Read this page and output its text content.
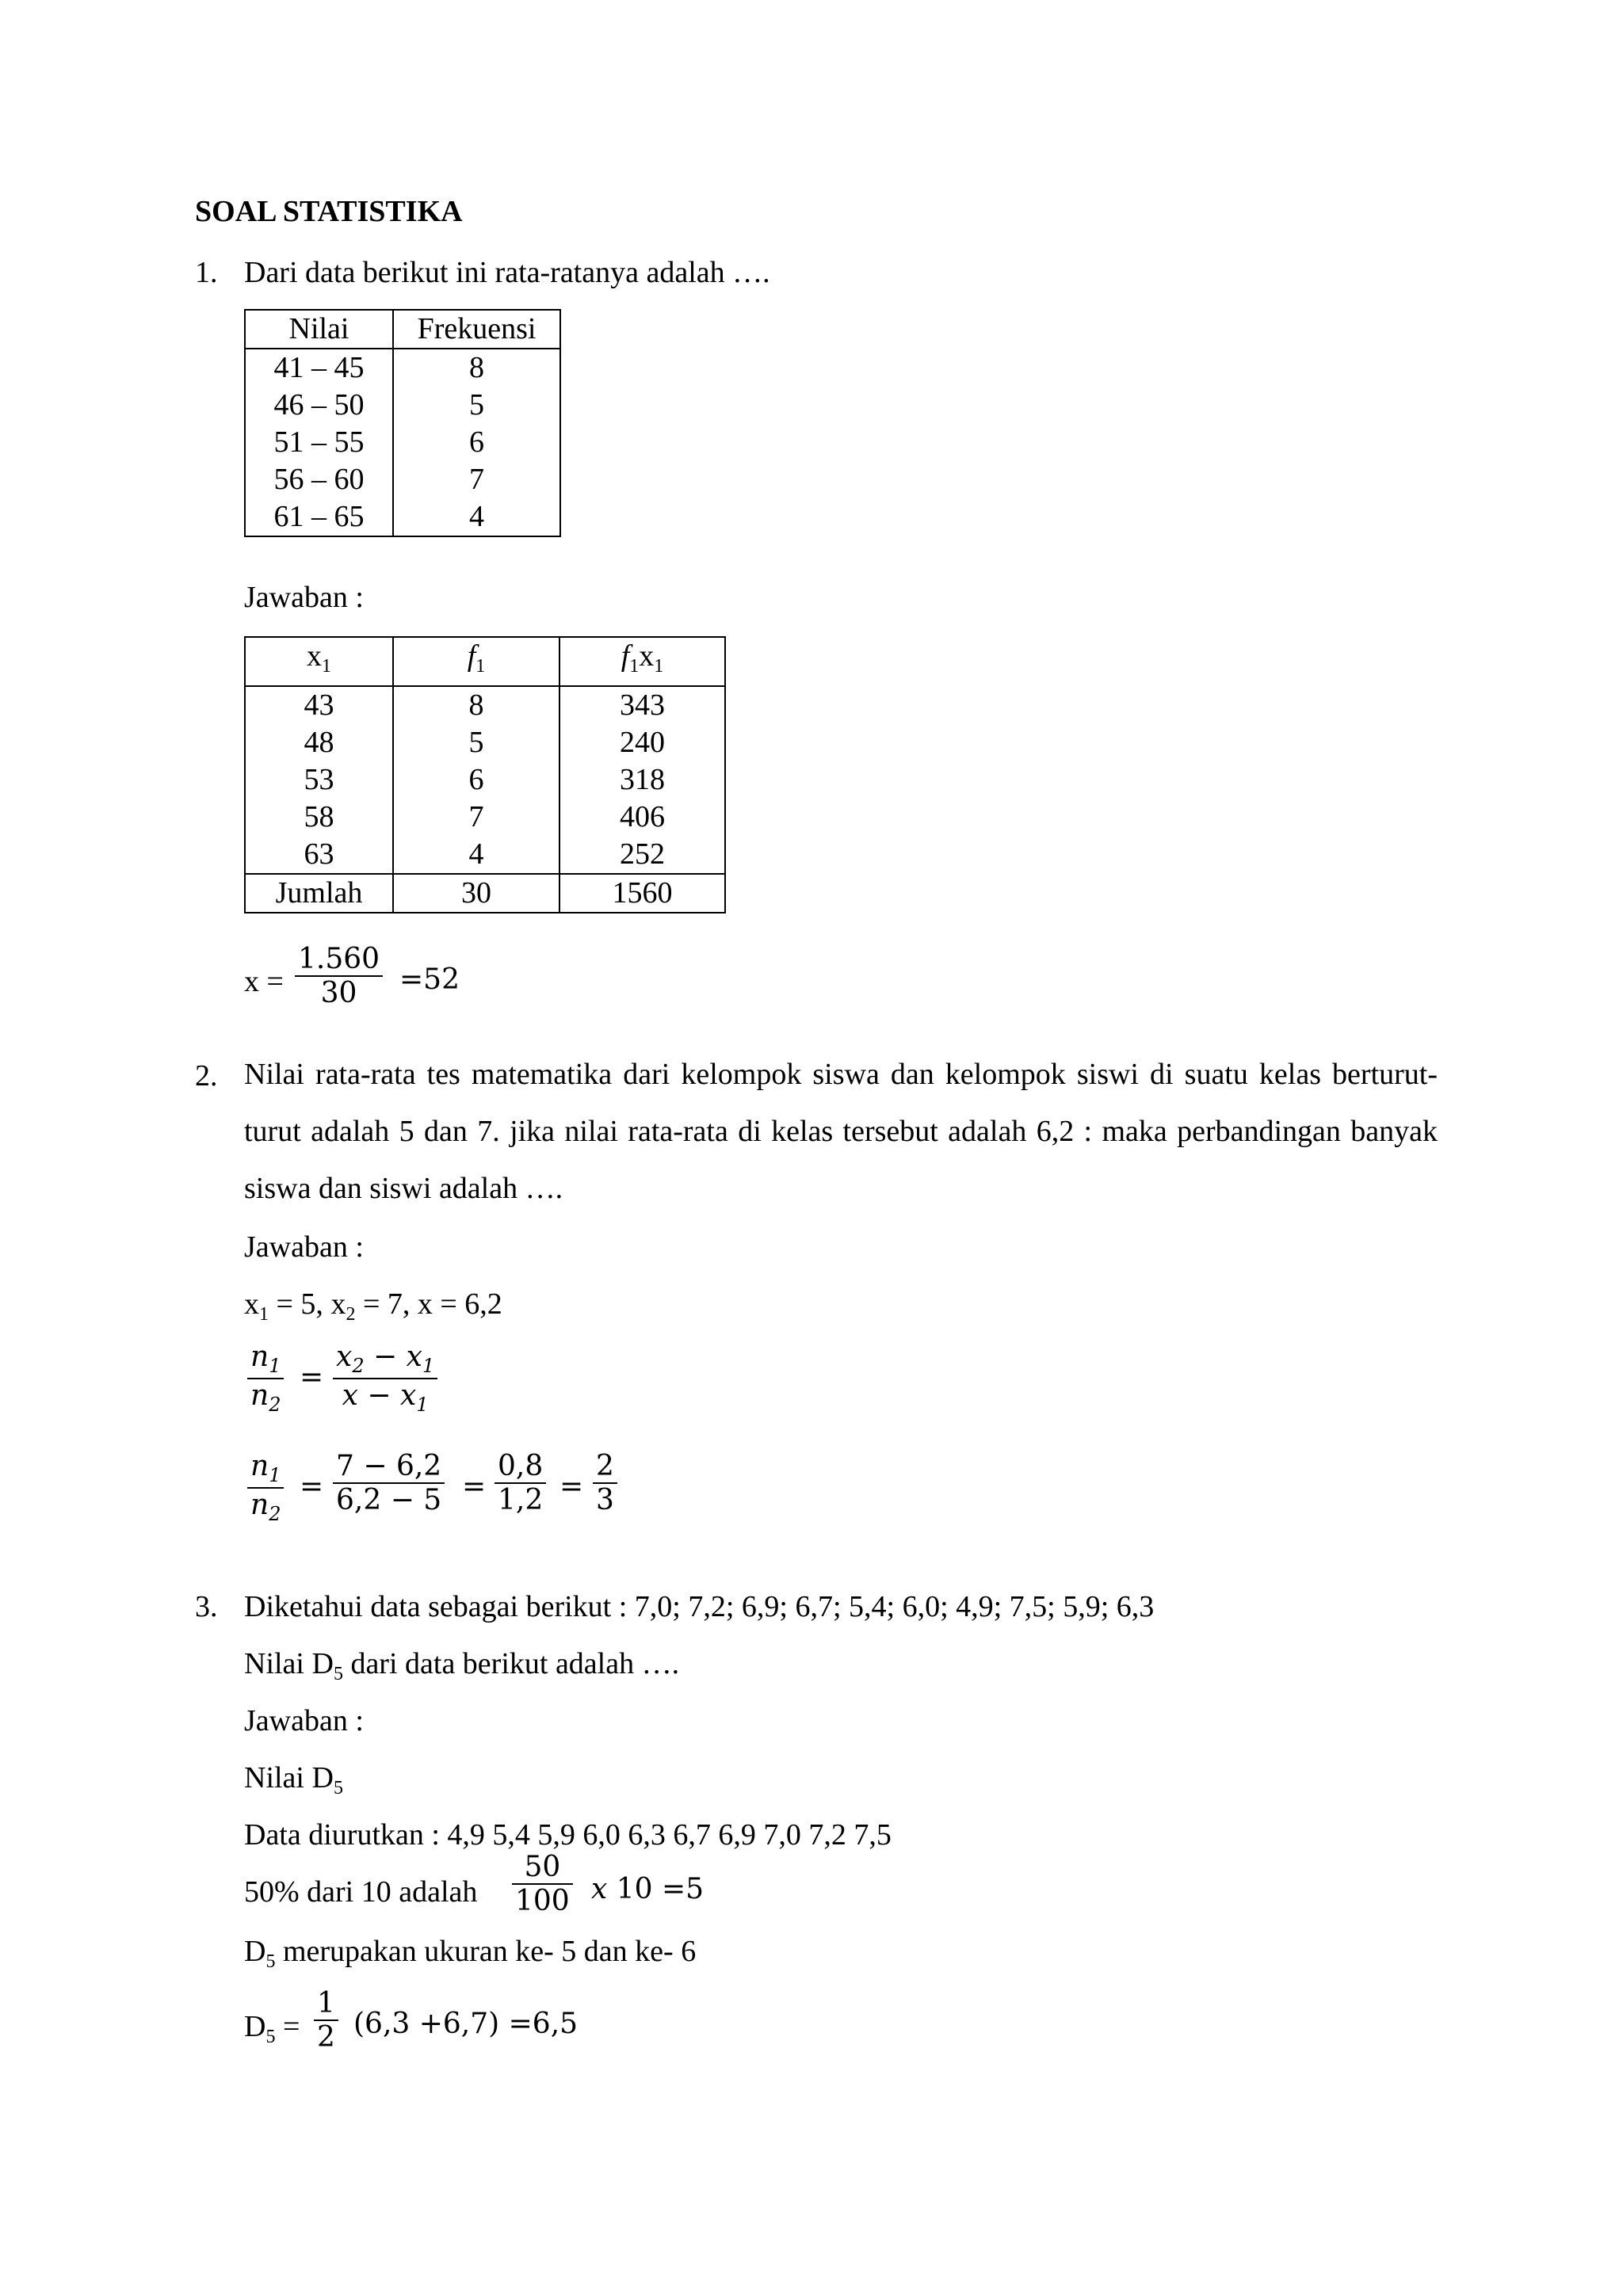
SOAL STATISTIKA
1. Dari data berikut ini rata-ratanya adalah ….
Nilai	Frekuensi
41 – 45	8
46 – 50	5
51 – 55	6
56 – 60	7
61 – 65	4
Jawaban :
$x_1$	$f_1$	$f_1x_1$
43	8	343
48	5	240
53	6	318
58	7	406
63	4	252
Jumlah	30	1560
$x = \frac{1.560}{30} =52$
2. Nilai rata-rata tes matematika dari kelompok siswa dan kelompok siswi di suatu kelas berturut-turut adalah 5 dan 7. jika nilai rata-rata di kelas tersebut adalah 6,2 : maka perbandingan banyak siswa dan siswi adalah ….
Jawaban :
$x_1 = 5$, $x_2 = 7$, x = 6,2
$\frac{n_1}{n_2} = \frac{x_2 - x_1}{x - x_1}$
$\frac{n_1}{n_2} = \frac{7 - 6,2}{6,2 - 5} = \frac{0,8}{1,2} = \frac{2}{3}$
3. Diketahui data sebagai berikut : 7,0; 7,2; 6,9; 6,7; 5,4; 6,0; 4,9; 7,5; 5,9; 6,3
Nilai $D_5$ dari data berikut adalah ….
Jawaban :
Nilai $D_5$
Data diurutkan : 4,9 5,4 5,9 6,0 6,3 6,7 6,9 7,0 7,2 7,5
50% dari 10 adalah $\frac{50}{100}$ x 10 =5
$D_5$ merupakan ukuran ke- 5 dan ke- 6
$D_5 = \frac{1}{2} (6,3 +6,7) =6,5$
